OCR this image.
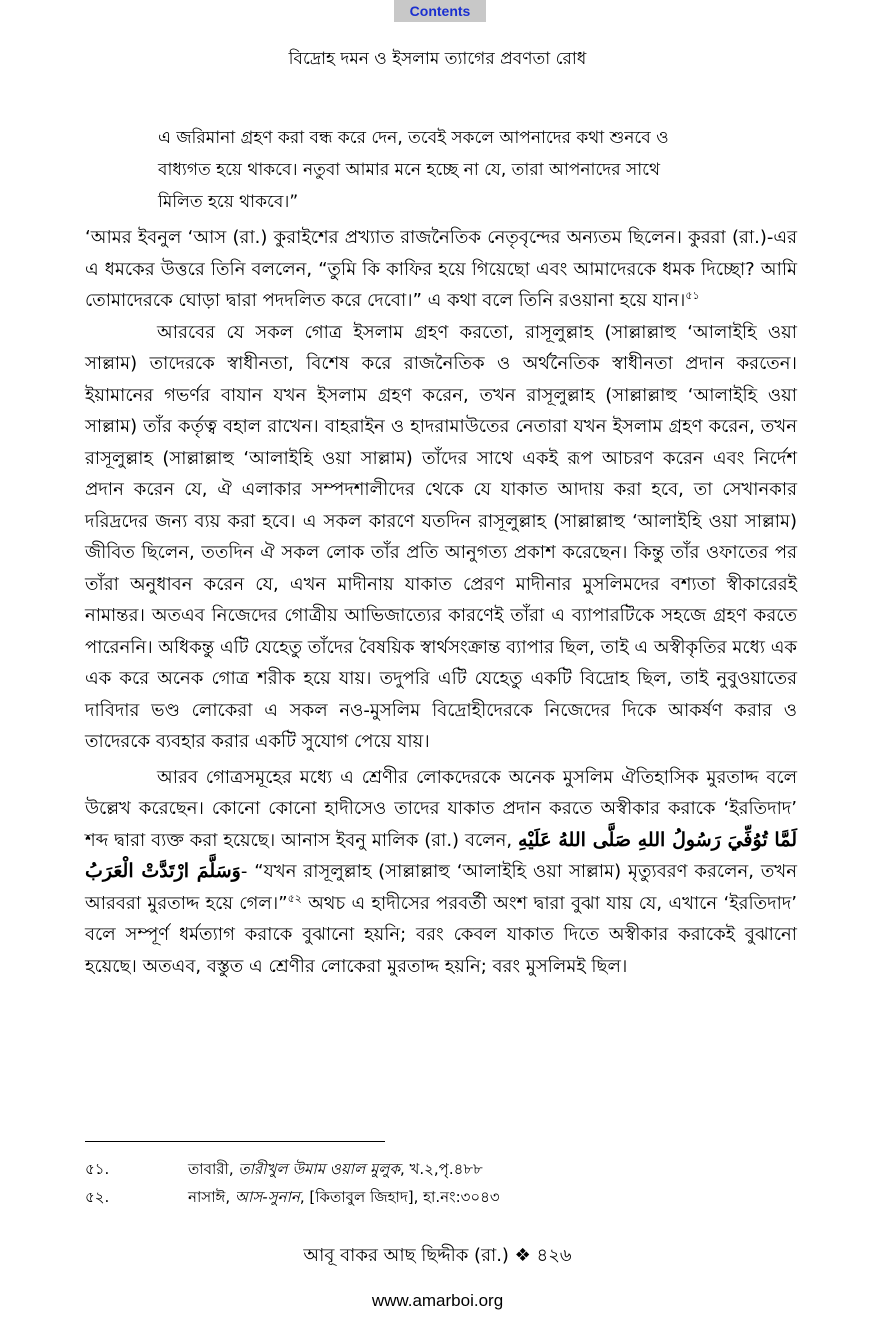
Contents
বিদ্রোহ দমন ও ইসলাম ত্যাগের প্রবণতা রোধ
এ জরিমানা গ্রহণ করা বন্ধ করে দেন, তবেই সকলে আপনাদের কথা শুনবে ও
বাধ্যগত হয়ে থাকবে। নতুবা আমার মনে হচ্ছে না যে, তারা আপনাদের সাথে
মিলিত হয়ে থাকবে।”

‘আমর ইবনুল ‘আস (রা.) কুরাইশের প্রখ্যাত রাজনৈতিক নেতৃবৃন্দের অন্যতম ছিলেন। কুররা (রা.)-এর এ ধমকের উত্তরে তিনি বললেন, “তুমি কি কাফির হয়ে গিয়েছো এবং আমাদেরকে ধমক দিচ্ছো? আমি তোমাদেরকে ঘোড়া দ্বারা পদদলিত করে দেবো।” এ কথা বলে তিনি রওয়ানা হয়ে যান।$^{৫১}$

আরবের যে সকল গোত্র ইসলাম গ্রহণ করতো, রাসূলুল্লাহ (সাল্লাল্লাহু ‘আলাইহি ওয়া সাল্লাম) তাদেরকে স্বাধীনতা, বিশেষ করে রাজনৈতিক ও অর্থনৈতিক স্বাধীনতা প্রদান করতেন। ইয়ামানের গভর্ণর বাযান যখন ইসলাম গ্রহণ করেন, তখন রাসূলুল্লাহ (সাল্লাল্লাহু ‘আলাইহি ওয়া সাল্লাম) তাঁর কর্তৃত্ব বহাল রাখেন। বাহরাইন ও হাদরামাউতের নেতারা যখন ইসলাম গ্রহণ করেন, তখন রাসূলুল্লাহ (সাল্লাল্লাহু ‘আলাইহি ওয়া সাল্লাম) তাঁদের সাথে একই রূপ আচরণ করেন এবং নির্দেশ প্রদান করেন যে, ঐ এলাকার সম্পদশালীদের থেকে যে যাকাত আদায় করা হবে, তা সেখানকার দরিদ্রদের জন্য ব্যয় করা হবে। এ সকল কারণে যতদিন রাসূলুল্লাহ (সাল্লাল্লাহু ‘আলাইহি ওয়া সাল্লাম) জীবিত ছিলেন, ততদিন ঐ সকল লোক তাঁর প্রতি আনুগত্য প্রকাশ করেছেন। কিন্তু তাঁর ওফাতের পর তাঁরা অনুধাবন করেন যে, এখন মাদীনায় যাকাত প্রেরণ মাদীনার মুসলিমদের বশ্যতা স্বীকারেরই নামান্তর। অতএব নিজেদের গোত্রীয় আভিজাত্যের কারণেই তাঁরা এ ব্যাপারটিকে সহজে গ্রহণ করতে পারেননি। অধিকন্তু এটি যেহেতু তাঁদের বৈষয়িক স্বার্থসংক্রান্ত ব্যাপার ছিল, তাই এ অস্বীকৃতির মধ্যে এক এক করে অনেক গোত্র শরীক হয়ে যায়। তদুপরি এটি যেহেতু একটি বিদ্রোহ ছিল, তাই নুবুওয়াতের দাবিদার ভণ্ড লোকেরা এ সকল নও-মুসলিম বিদ্রোহীদেরকে নিজেদের দিকে আকর্ষণ করার ও তাদেরকে ব্যবহার করার একটি সুযোগ পেয়ে যায়।

আরব গোত্রসমূহের মধ্যে এ শ্রেণীর লোকদেরকে অনেক মুসলিম ঐতিহাসিক মুরতাদ্দ বলে উল্লেখ করেছেন। কোনো কোনো হাদীসেও তাদের যাকাত প্রদান করতে অস্বীকার করাকে ‘ইরতিদাদ’ শব্দ দ্বারা ব্যক্ত করা হয়েছে। আনাস ইবনু মালিক (রা.) বলেন, لَمَّا تُوُفِّيَ رَسُولُ اللهِ صَلَّى اللهُ عَلَيْهِ وَسَلَّمَ ارْتَدَّتْ الْعَرَبُ- “যখন রাসূলুল্লাহ (সাল্লাল্লাহু ‘আলাইহি ওয়া সাল্লাম) মৃত্যুবরণ করলেন, তখন আরবরা মুরতাদ্দ হয়ে গেল।”$^{৫২}$ অথচ এ হাদীসের পরবর্তী অংশ দ্বারা বুঝা যায় যে, এখানে ‘ইরতিদাদ’ বলে সম্পূর্ণ ধর্মত্যাগ করাকে বুঝানো হয়নি; বরং কেবল যাকাত দিতে অস্বীকার করাকেই বুঝানো হয়েছে। অতএব, বস্তুত এ শ্রেণীর লোকেরা মুরতাদ্দ হয়নি; বরং মুসলিমই ছিল।

৫১.	তাবারী, তারীখুল উমাম ওয়াল মুলুক, খ.২,পৃ.৪৮৮
৫২.	নাসাঈ, আস-সুনান, [কিতাবুল জিহাদ], হা.নং:৩০৪৩
আবূ বাকর আছ ছিদ্দীক (রা.) ❖ ৪২৬
www.amarboi.org
